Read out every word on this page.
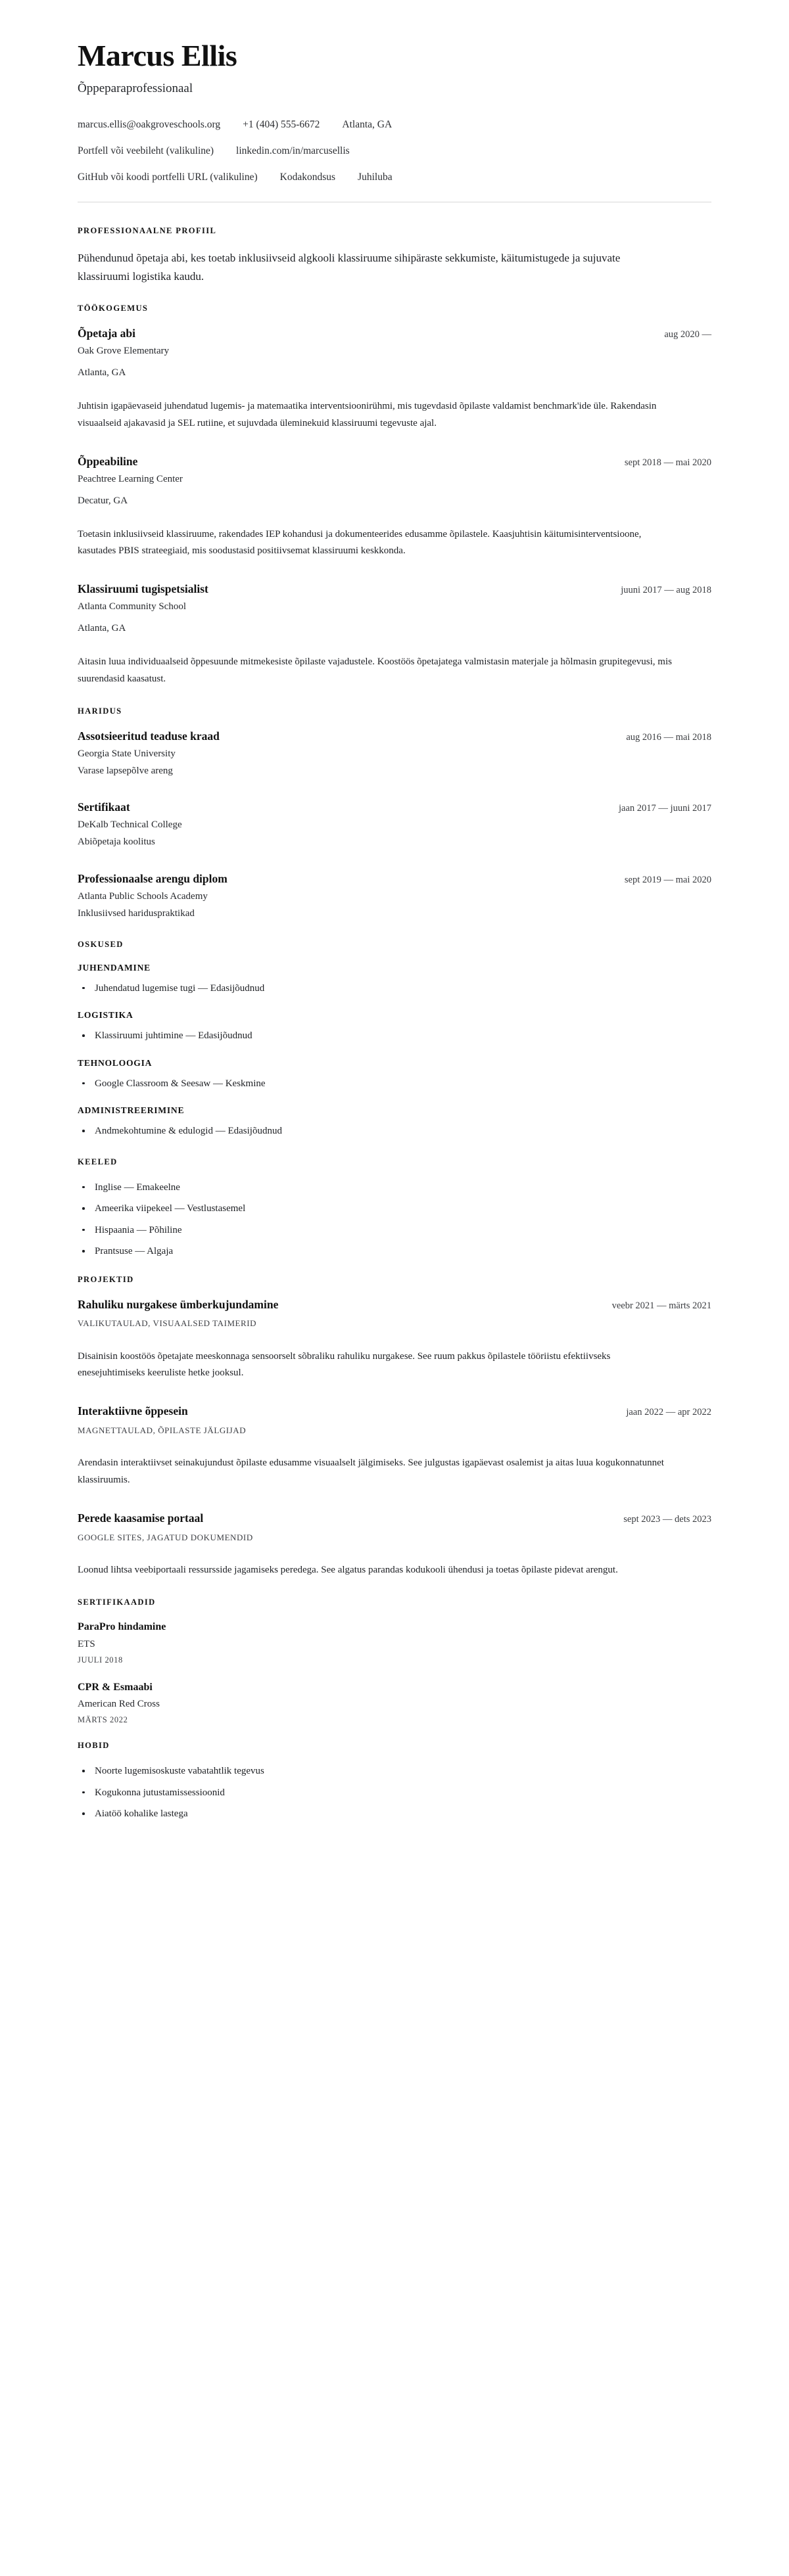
Marcus Ellis
Õppeparaprofessionaal
marcus.ellis@oakgroveschools.org +1 (404) 555-6672 Atlanta, GA
Portfell või veebileht (valikuline) linkedin.com/in/marcusellis
GitHub või koodi portfelli URL (valikuline) Kodakondsus Juhiluba
PROFESSIONAALNE PROFIIL

Pühendunud õpetaja abi, kes toetab inklusiivseid algkooli klassiruume sihipäraste sekkumiste, käitumistugede ja sujuvate klassiruumi logistika kaudu.

TÖÖKOGEMUS
Õpetaja abi	aug 2020 —
Oak Grove Elementary
Atlanta, GA

Juhtisin igapäevaseid juhendatud lugemis- ja matemaatika interventsioonirühmi, mis tugevdasid õpilaste valdamist benchmark'ide üle. Rakendasin visuaalseid ajakavasid ja SEL rutiine, et sujuvdada üleminekuid klassiruumi tegevuste ajal.

Õppeabiline	sept 2018 — mai 2020
Peachtree Learning Center
Decatur, GA

Toetasin inklusiivseid klassiruume, rakendades IEP kohandusi ja dokumenteerides edusamme õpilastele. Kaasjuhtisin käitumisinterventsioone, kasutades PBIS strateegiaid, mis soodustasid positiivsemat klassiruumi keskkonda.

Klassiruumi tugispetsialist	juuni 2017 — aug 2018
Atlanta Community School
Atlanta, GA

Aitasin luua individuaalseid õppesuunde mitmekesiste õpilaste vajadustele. Koostöös õpetajatega valmistasin materjale ja hõlmasin grupitegevusi, mis suurendasid kaasatust.

HARIDUS
Assotsieeritud teaduse kraad	aug 2016 — mai 2018
Georgia State University
Varase lapsepõlve areng
Sertifikaat	jaan 2017 — juuni 2017
DeKalb Technical College
Abiõpetaja koolitus
Professionaalse arengu diplom	sept 2019 — mai 2020
Atlanta Public Schools Academy
Inklusiivsed hariduspraktikad
OSKUSED
JUHENDAMINE
Juhendatud lugemise tugi — Edasijõudnud
LOGISTIKA
Klassiruumi juhtimine — Edasijõudnud
TEHNOLOOGIA
Google Classroom & Seesaw — Keskmine
ADMINISTREERIMINE
Andmekohtumine & edulogid — Edasijõudnud
KEELED
Inglise — Emakeelne
Ameerika viipekeel — Vestlustasemel
Hispaania — Põhiline
Prantsuse — Algaja
PROJEKTID
Rahuliku nurgakese ümberkujundamine	veebr 2021 — märts 2021
VALIKUTAULAD, VISUAALSED TAIMERID

Disainisin koostöös õpetajate meeskonnaga sensoorselt sõbraliku rahuliku nurgakese. See ruum pakkus õpilastele tööriistu efektiivseks enesejuhtimiseks keeruliste hetke jooksul.

Interaktiivne õppesein	jaan 2022 — apr 2022
MAGNETTAULAD, ÕPILASTE JÄLGIJAD

Arendasin interaktiivset seinakujundust õpilaste edusamme visuaalselt jälgimiseks. See julgustas igapäevast osalemist ja aitas luua kogukonnatunnet klassiruumis.

Perede kaasamise portaal	sept 2023 — dets 2023
GOOGLE SITES, JAGATUD DOKUMENDID

Loonud lihtsa veebiportaali ressursside jagamiseks peredega. See algatus parandas kodukooli ühendusi ja toetas õpilaste pidevat arengut.

SERTIFIKAADID
ParaPro hindamine
ETS
JUULI 2018
CPR & Esmaabi
American Red Cross
MÄRTS 2022
HOBID
Noorte lugemisoskuste vabatahtlik tegevus
Kogukonna jutustamissessioonid
Aiatöö kohalike lastega
